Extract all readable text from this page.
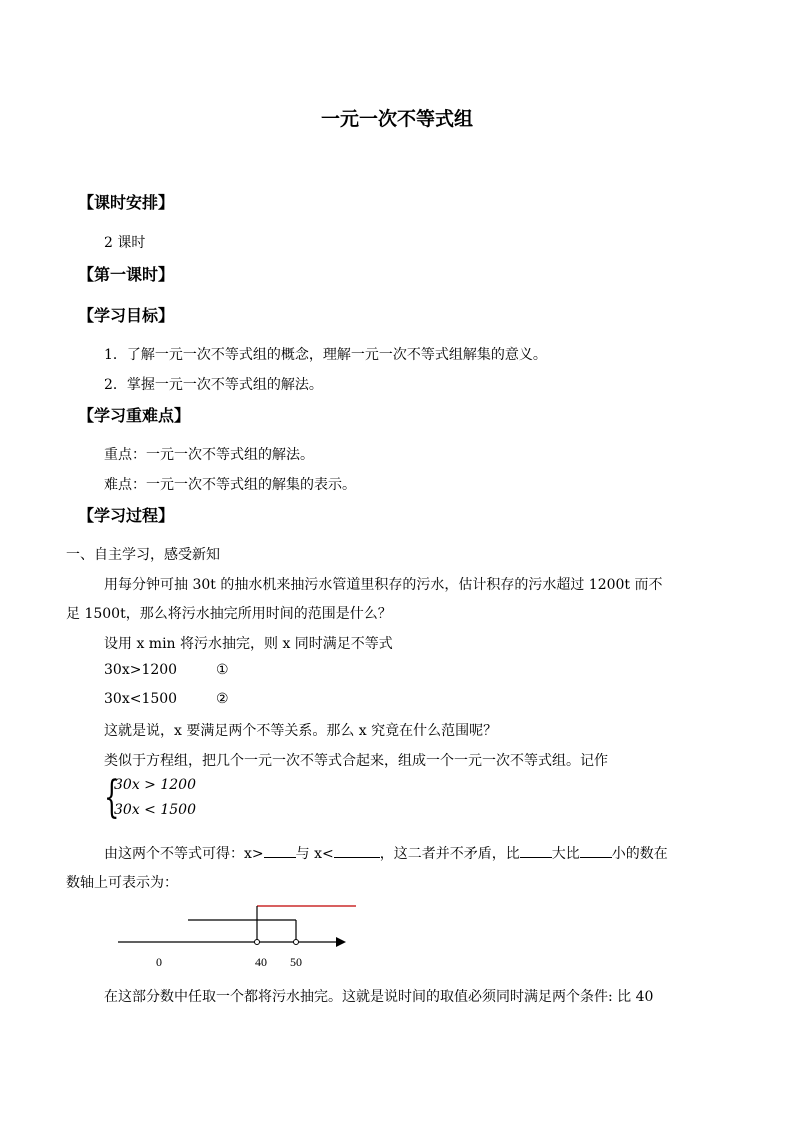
一元一次不等式组
【课时安排】
2 课时
【第一课时】
【学习目标】
1．了解一元一次不等式组的概念，理解一元一次不等式组解集的意义。
2．掌握一元一次不等式组的解法。
【学习重难点】
重点：一元一次不等式组的解法。
难点：一元一次不等式组的解集的表示。
【学习过程】
一、自主学习，感受新知
用每分钟可抽 30t 的抽水机来抽污水管道里积存的污水，估计积存的污水超过 1200t 而不
足 1500t，那么将污水抽完所用时间的范围是什么？
设用 x min 将污水抽完，则 x 同时满足不等式
30x>1200	①
30x<1500	②
这就是说，x 要满足两个不等关系。那么 x 究竟在什么范围呢？
类似于方程组，把几个一元一次不等式合起来，组成一个一元一次不等式组。记作
{
30x > 1200
30x < 1500
由这两个不等式可得：x> 与 x<	，这二者并不矛盾，比 大比 小的数在
数轴上可表示为：
0	40 50
在这部分数中任取一个都将污水抽完。这就是说时间的取值必须同时满足两个条件: 比 40
